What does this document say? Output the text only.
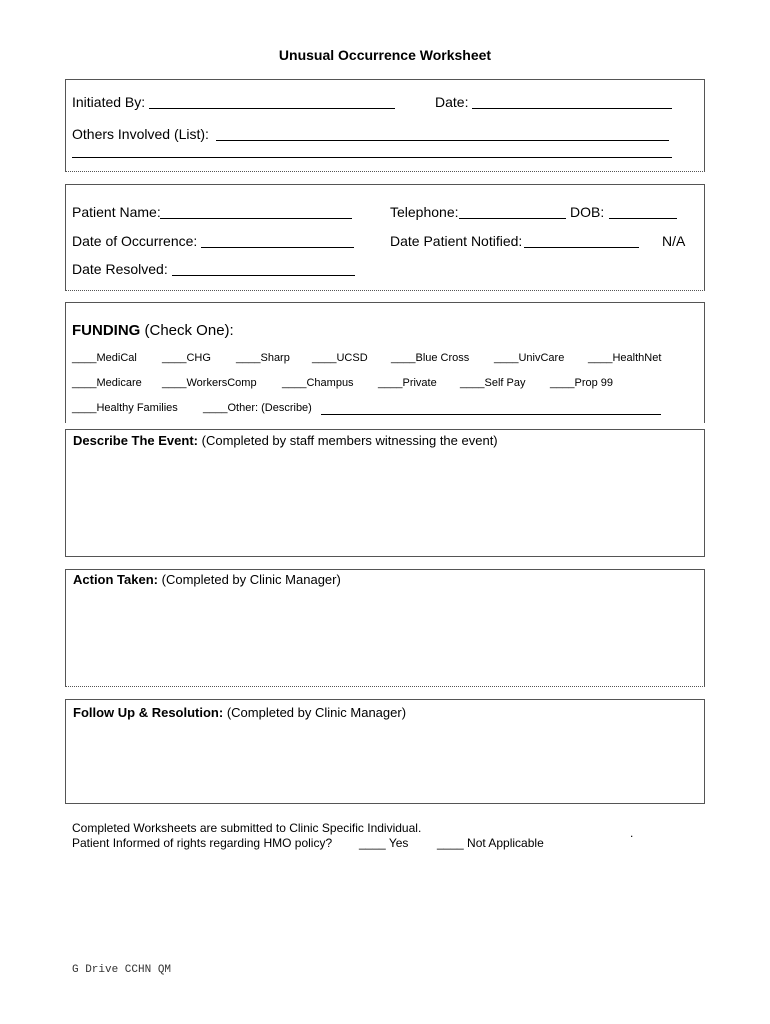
Unusual Occurrence Worksheet
Initiated By:	Date:
Others Involved (List):
Patient Name:	Telephone:	DOB:
Date of Occurrence:	Date Patient Notified:	N/A
Date Resolved:
FUNDING (Check One):
____MediCal ____CHG ____Sharp ____UCSD ____Blue Cross ____UnivCare ____HealthNet
____Medicare ____WorkersComp ____Champus ____Private ____Self Pay ____Prop 99
____Healthy Families ____Other: (Describe)
Describe The Event: (Completed by staff members witnessing the event)
Action Taken: (Completed by Clinic Manager)
Follow Up & Resolution: (Completed by Clinic Manager)
Completed Worksheets are submitted to Clinic Specific Individual.
Patient Informed of rights regarding HMO policy? ____ Yes ____ Not Applicable
.
G Drive CCHN QM
